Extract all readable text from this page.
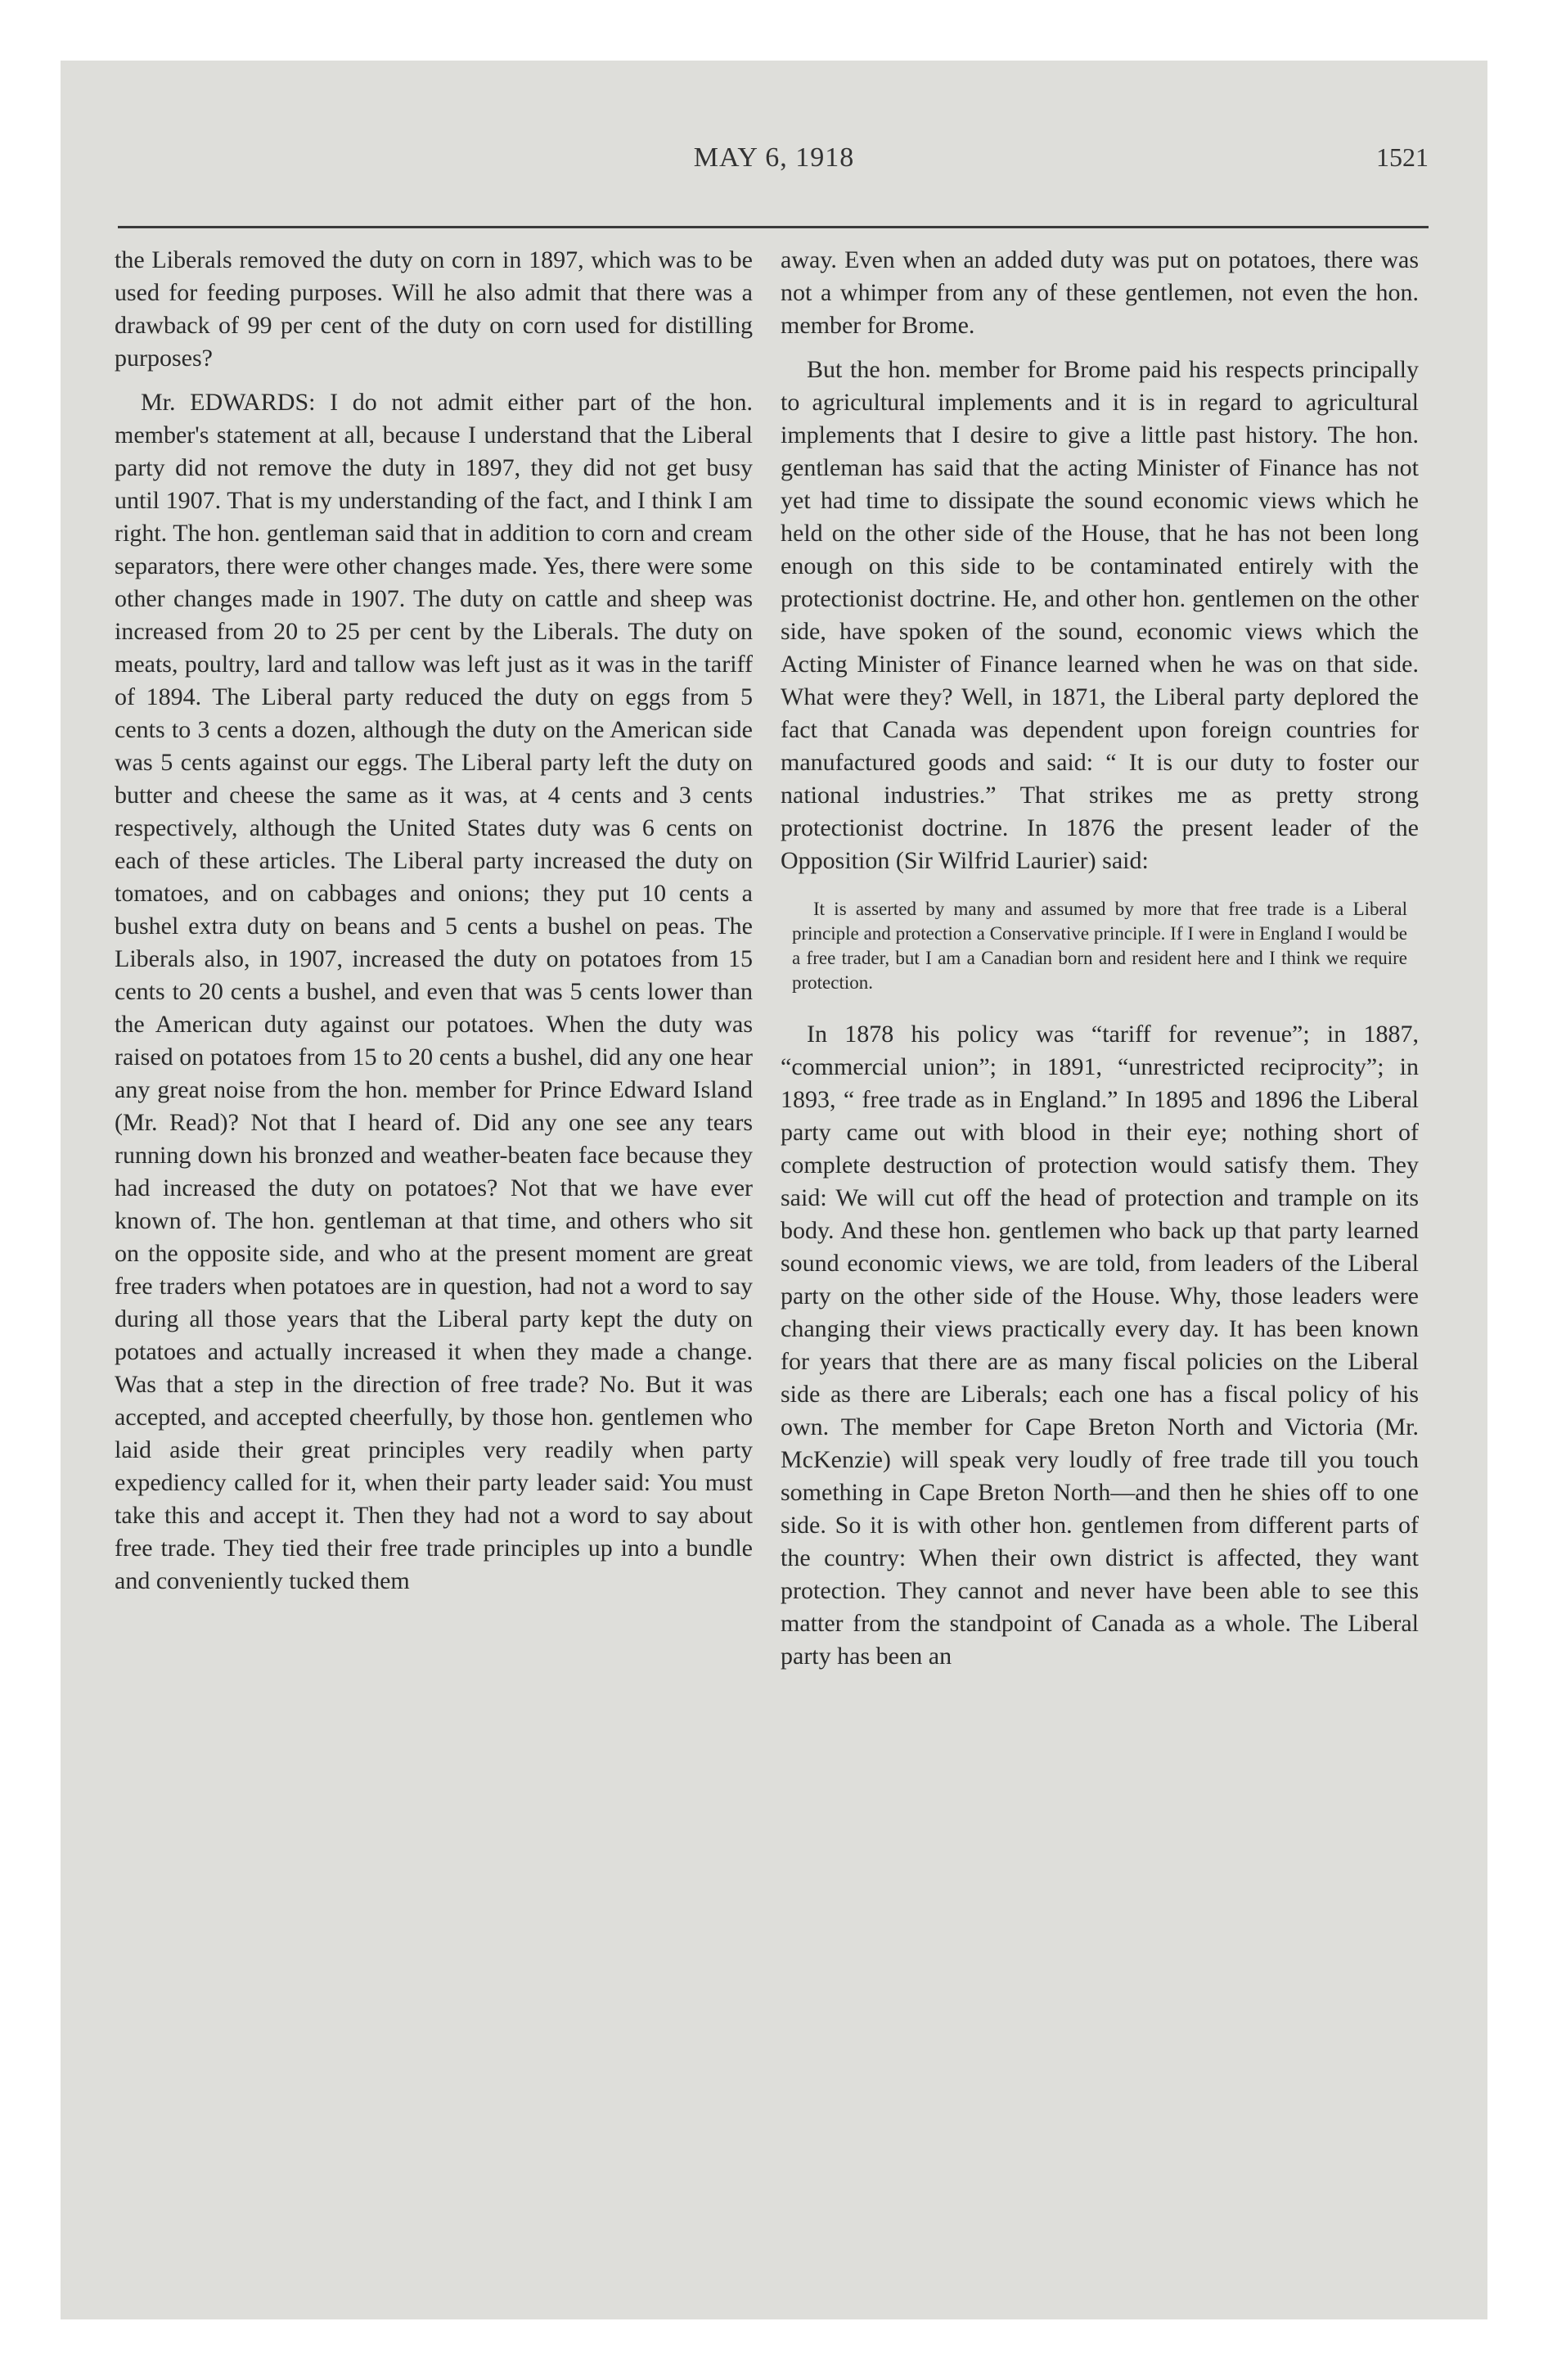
MAY 6, 1918	1521

the Liberals removed the duty on corn in 1897, which was to be used for feeding purposes. Will he also admit that there was a drawback of 99 per cent of the duty on corn used for distilling purposes?

Mr. EDWARDS: I do not admit either part of the hon. member's statement at all, because I understand that the Liberal party did not remove the duty in 1897, they did not get busy until 1907. That is my understanding of the fact, and I think I am right. The hon. gentleman said that in addition to corn and cream separators, there were other changes made. Yes, there were some other changes made in 1907. The duty on cattle and sheep was increased from 20 to 25 per cent by the Liberals. The duty on meats, poultry, lard and tallow was left just as it was in the tariff of 1894. The Liberal party reduced the duty on eggs from 5 cents to 3 cents a dozen, although the duty on the American side was 5 cents against our eggs. The Liberal party left the duty on butter and cheese the same as it was, at 4 cents and 3 cents respectively, although the United States duty was 6 cents on each of these articles. The Liberal party increased the duty on tomatoes, and on cabbages and onions; they put 10 cents a bushel extra duty on beans and 5 cents a bushel on peas. The Liberals also, in 1907, increased the duty on potatoes from 15 cents to 20 cents a bushel, and even that was 5 cents lower than the American duty against our potatoes. When the duty was raised on potatoes from 15 to 20 cents a bushel, did any one hear any great noise from the hon. member for Prince Edward Island (Mr. Read)? Not that I heard of. Did any one see any tears running down his bronzed and weather-beaten face because they had increased the duty on potatoes? Not that we have ever known of. The hon. gentleman at that time, and others who sit on the opposite side, and who at the present moment are great free traders when potatoes are in question, had not a word to say during all those years that the Liberal party kept the duty on potatoes and actually increased it when they made a change. Was that a step in the direction of free trade? No. But it was accepted, and accepted cheerfully, by those hon. gentlemen who laid aside their great principles very readily when party expediency called for it, when their party leader said: You must take this and accept it. Then they had not a word to say about free trade. They tied their free trade principles up into a bundle and conveniently tucked them

away. Even when an added duty was put on potatoes, there was not a whimper from any of these gentlemen, not even the hon. member for Brome.

But the hon. member for Brome paid his respects principally to agricultural implements and it is in regard to agricultural implements that I desire to give a little past history. The hon. gentleman has said that the acting Minister of Finance has not yet had time to dissipate the sound economic views which he held on the other side of the House, that he has not been long enough on this side to be contaminated entirely with the protectionist doctrine. He, and other hon. gentlemen on the other side, have spoken of the sound, economic views which the Acting Minister of Finance learned when he was on that side. What were they? Well, in 1871, the Liberal party deplored the fact that Canada was dependent upon foreign countries for manufactured goods and said: “ It is our duty to foster our national industries.” That strikes me as pretty strong protectionist doctrine. In 1876 the present leader of the Opposition (Sir Wilfrid Laurier) said:

It is asserted by many and assumed by more that free trade is a Liberal principle and protection a Conservative principle. If I were in England I would be a free trader, but I am a Canadian born and resident here and I think we require protection.

In 1878 his policy was “tariff for revenue”; in 1887, “commercial union”; in 1891, “unrestricted reciprocity”; in 1893, “ free trade as in England.” In 1895 and 1896 the Liberal party came out with blood in their eye; nothing short of complete destruction of protection would satisfy them. They said: We will cut off the head of protection and trample on its body. And these hon. gentlemen who back up that party learned sound economic views, we are told, from leaders of the Liberal party on the other side of the House. Why, those leaders were changing their views practically every day. It has been known for years that there are as many fiscal policies on the Liberal side as there are Liberals; each one has a fiscal policy of his own. The member for Cape Breton North and Victoria (Mr. McKenzie) will speak very loudly of free trade till you touch something in Cape Breton North—and then he shies off to one side. So it is with other hon. gentlemen from different parts of the country: When their own district is affected, they want protection. They cannot and never have been able to see this matter from the standpoint of Canada as a whole. The Liberal party has been an
